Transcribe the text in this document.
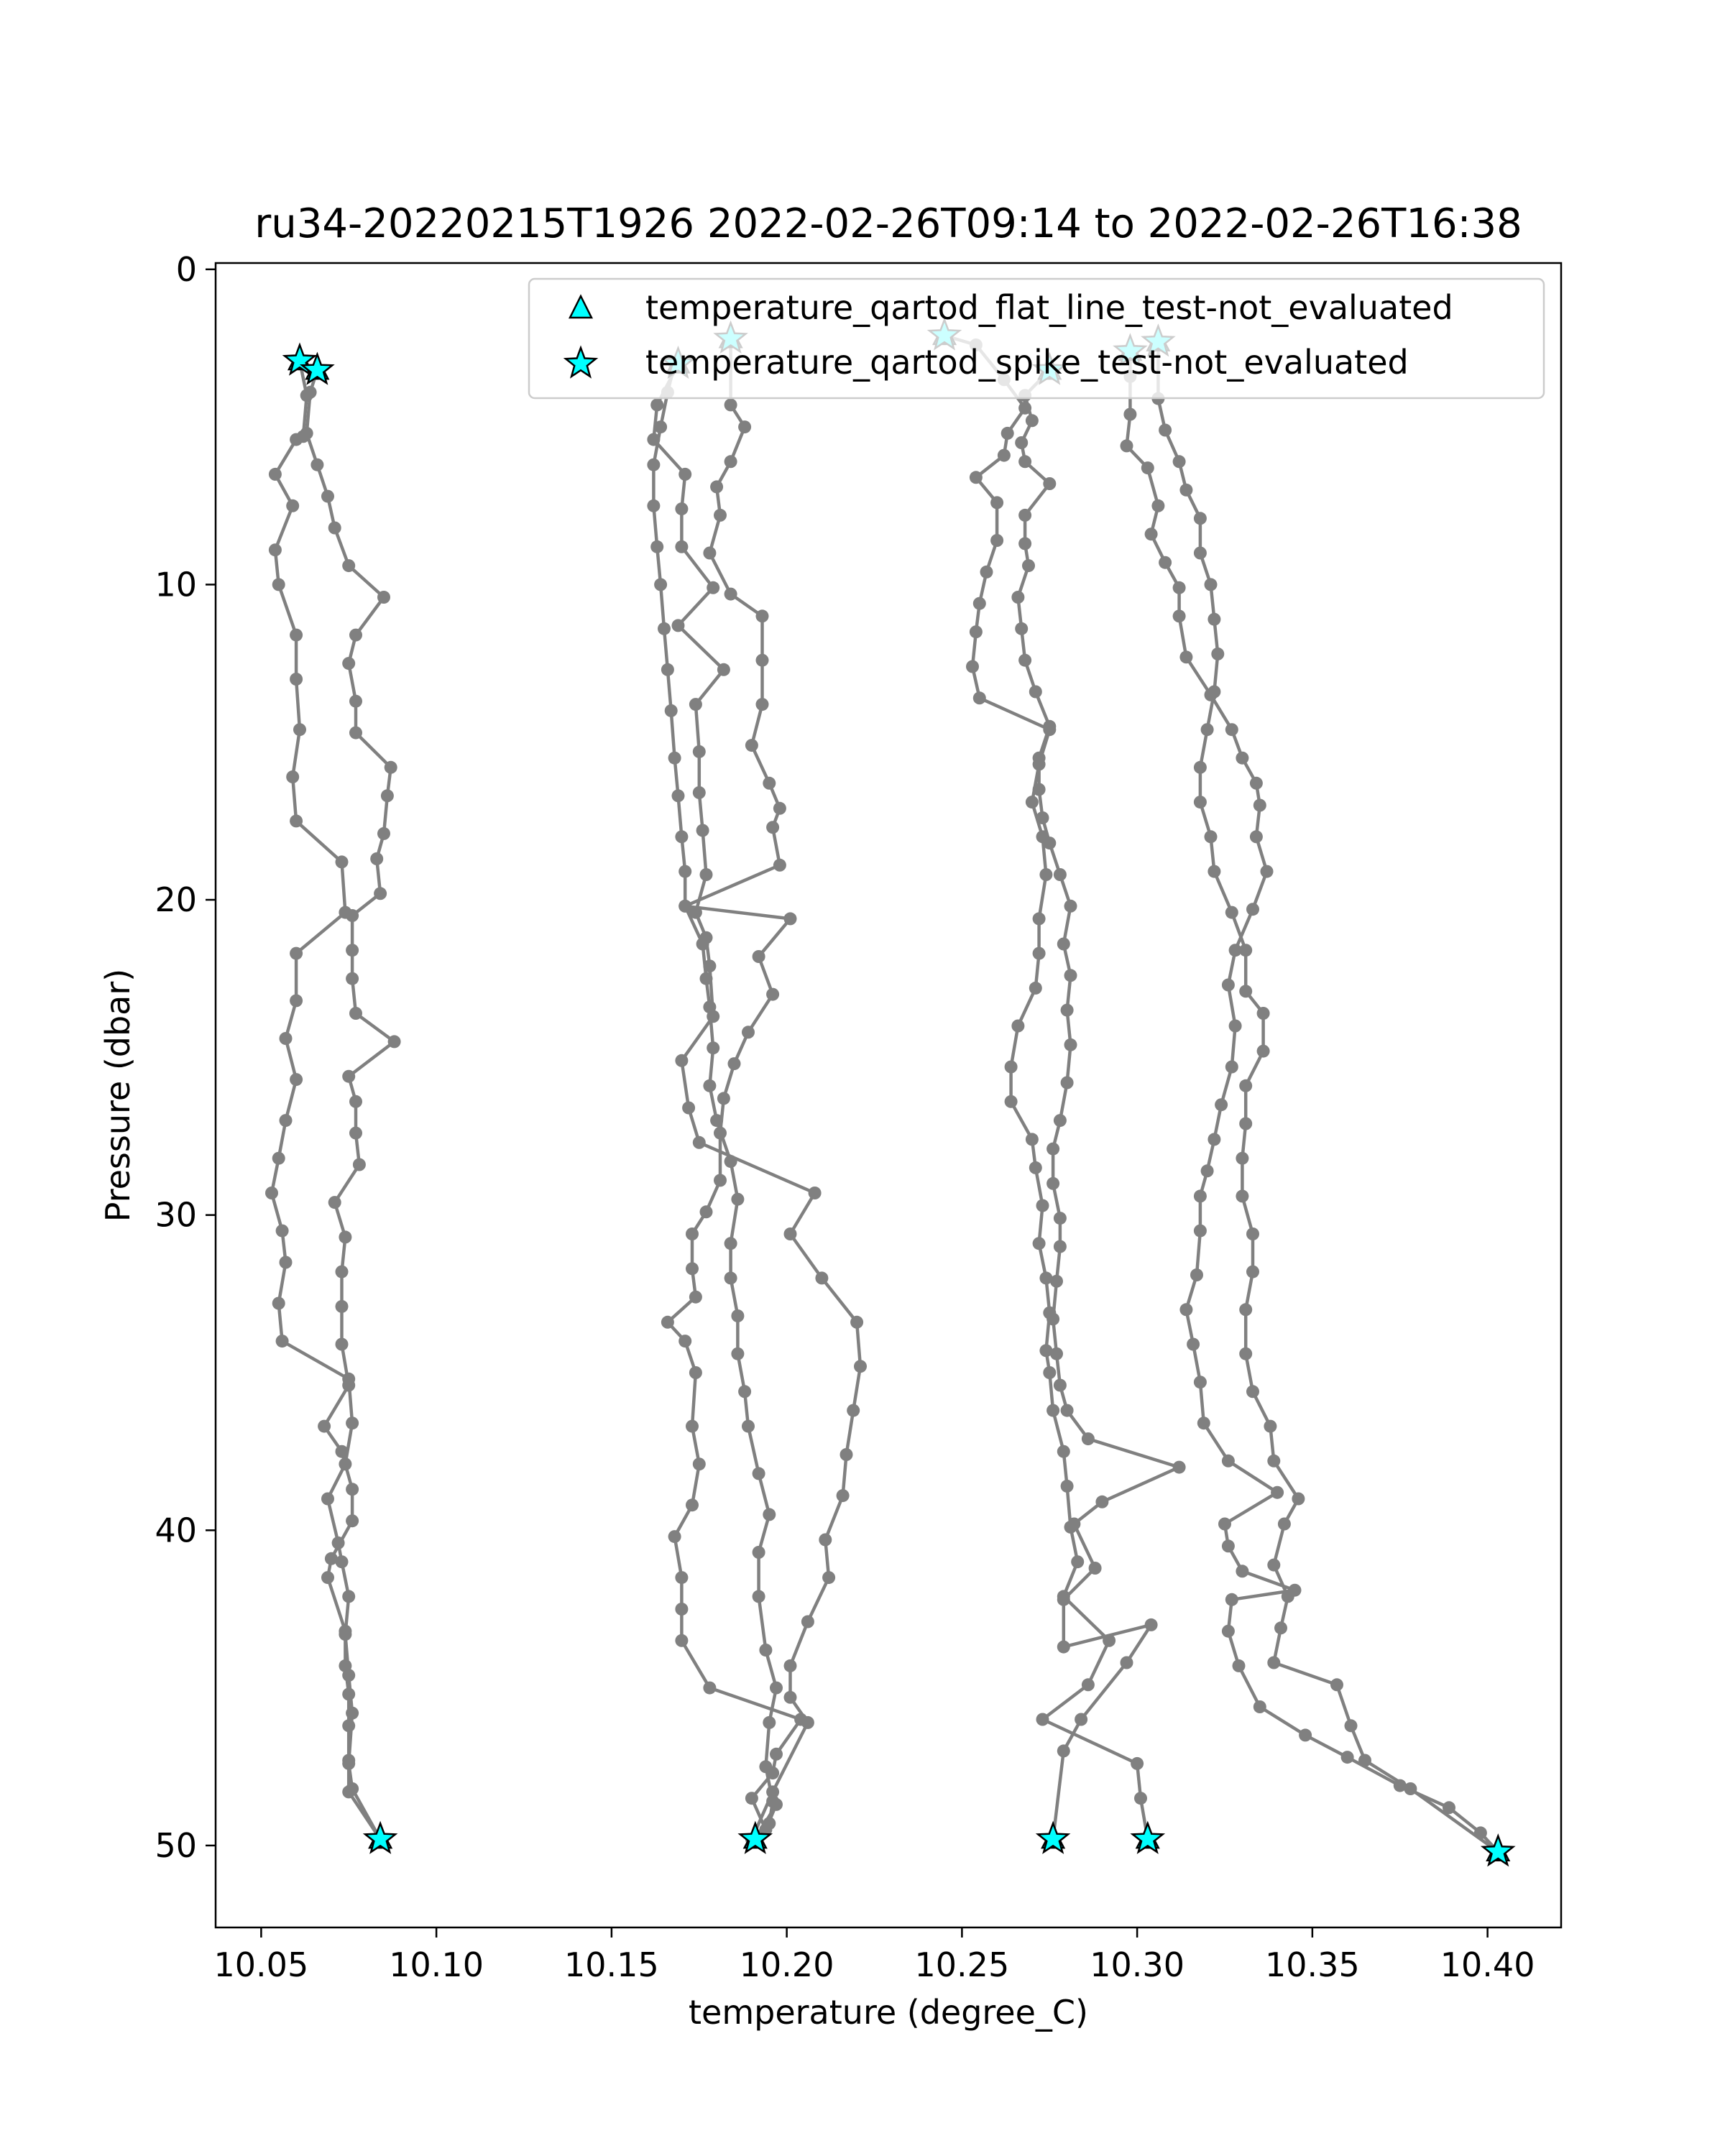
ru34-20220215T1926 2022-02-26T09:14 to 2022-02-26T16:38
10.05 10.10 10.15 10.20 10.25 10.30 10.35 10.40
0
10
20
30
40
50
temperature (degree_C)
Pressure (dbar)
temperature_qartod_flat_line_test-not_evaluated
temperature_qartod_spike_test-not_evaluated
